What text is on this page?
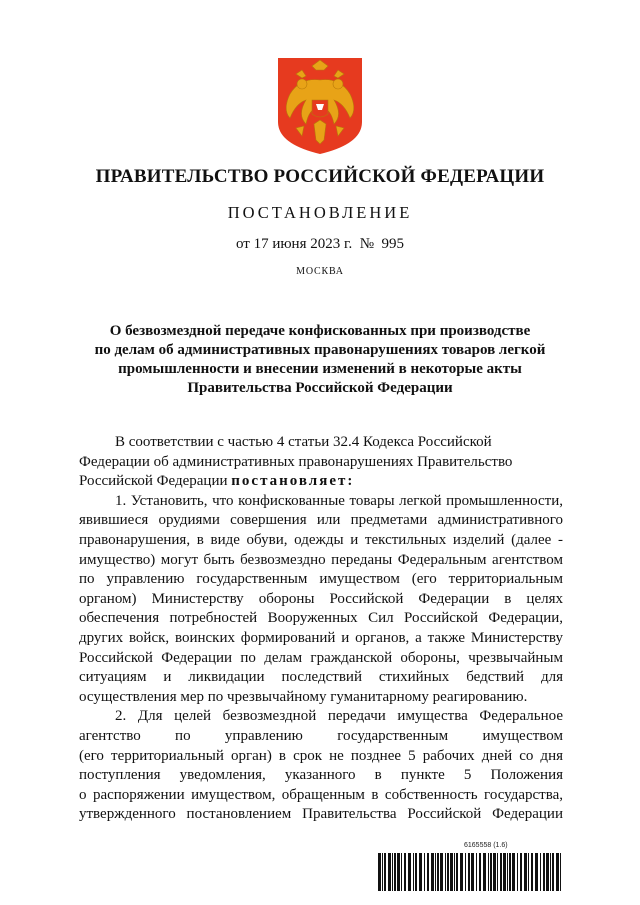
ПРАВИТЕЛЬСТВО РОССИЙСКОЙ ФЕДЕРАЦИИ
ПОСТАНОВЛЕНИЕ
от 17 июня 2023 г.  №  995
МОСКВА
О безвозмездной передаче конфискованных при производстве
по делам об административных правонарушениях товаров легкой
промышленности и внесении изменений в некоторые акты
Правительства Российской Федерации
В соответствии с частью 4 статьи 32.4 Кодекса Российской
Федерации об административных правонарушениях Правительство
Российской Федерации постановляет:
1. Установить, что конфискованные товары легкой промышленности,
явившиеся орудиями совершения или предметами административного
правонарушения, в виде обуви, одежды и текстильных изделий (далее -
имущество) могут быть безвозмездно переданы Федеральным агентством
по управлению государственным имуществом (его территориальным
органом) Министерству обороны Российской Федерации в целях
обеспечения потребностей Вооруженных Сил Российской Федерации,
других войск, воинских формирований и органов, а также Министерству
Российской Федерации по делам гражданской обороны, чрезвычайным
ситуациям и ликвидации последствий стихийных бедствий для
осуществления мер по чрезвычайному гуманитарному реагированию.
2. Для целей безвозмездной передачи имущества Федеральное
агентство по управлению государственным имуществом
(его территориальный орган) в срок не позднее 5 рабочих дней со дня
поступления уведомления, указанного в пункте 5 Положения
о распоряжении имуществом, обращенным в собственность государства,
утвержденного постановлением Правительства Российской Федерации
6165558 (1.6)
